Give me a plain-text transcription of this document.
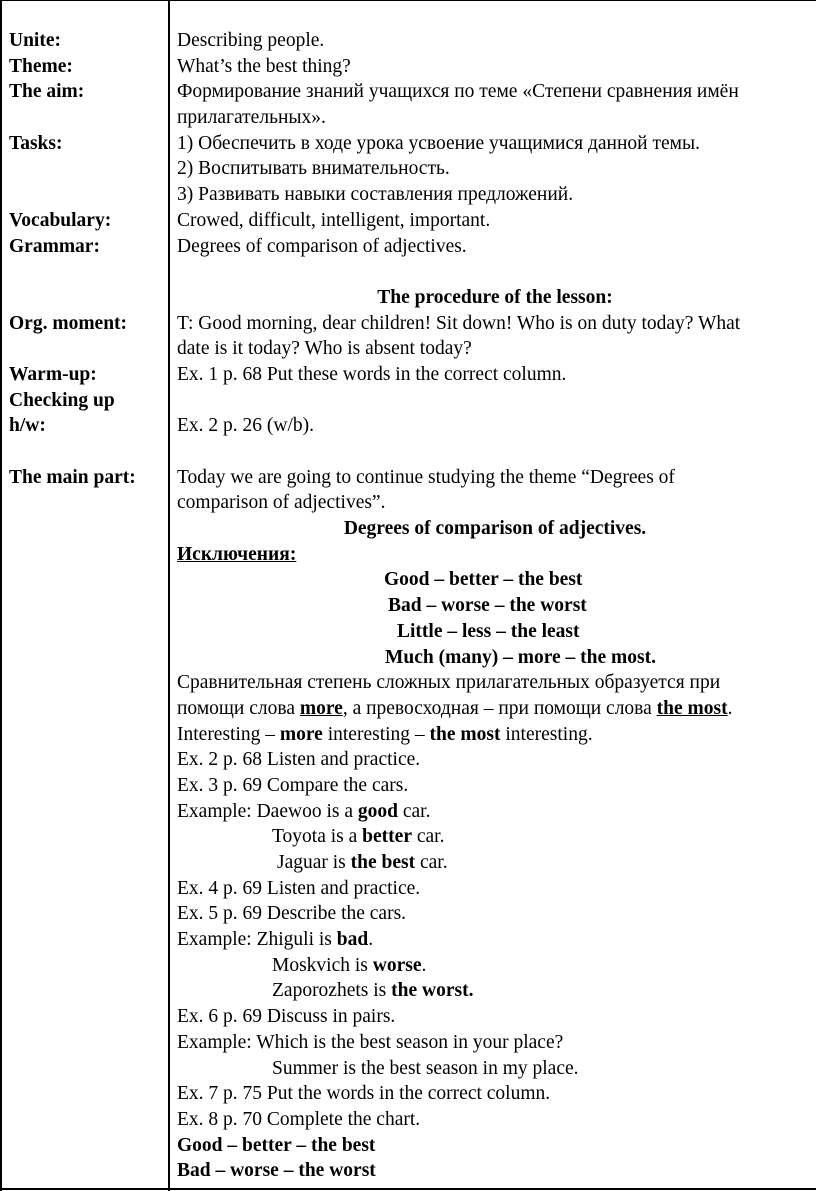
Unite:
Theme:
The aim:
Tasks:
Vocabulary:
Grammar:
Org. moment:
Warm-up:
Checking up
h/w:
The main part:
Describing people.
What’s the best thing?
Формирование знаний учащихся по теме «Степени сравнения имён
прилагательных».
1) Обеспечить в ходе урока усвоение учащимися данной темы.
2) Воспитывать внимательность.
3) Развивать навыки составления предложений.
Crowed, difficult, intelligent, important.
Degrees of comparison of adjectives.
The procedure of the lesson:
T: Good morning, dear children! Sit down! Who is on duty today? What
date is it today? Who is absent today?
Ex. 1 p. 68 Put these words in the correct column.
Ex. 2 p. 26 (w/b).
Today we are going to continue studying the theme “Degrees of
comparison of adjectives”.
Degrees of comparison of adjectives.
Исключения:
Good – better – the best
Bad – worse – the worst
Little – less – the least
Much (many) – more – the most.
Сравнительная степень сложных прилагательных образуется при
помощи слова more, а превосходная – при помощи слова the most.
Interesting – more interesting – the most interesting.
Ex. 2 p. 68 Listen and practice.
Ex. 3 p. 69 Compare the cars.
Example: Daewoo is a good car.
Toyota is a better car.
Jaguar is the best car.
Ex. 4 p. 69 Listen and practice.
Ex. 5 p. 69 Describe the cars.
Example: Zhiguli is bad.
Moskvich is worse.
Zaporozhets is the worst.
Ex. 6 p. 69 Discuss in pairs.
Example: Which is the best season in your place?
Summer is the best season in my place.
Ex. 7 p. 75 Put the words in the correct column.
Ex. 8 p. 70 Complete the chart.
Good – better – the best
Bad – worse – the worst
